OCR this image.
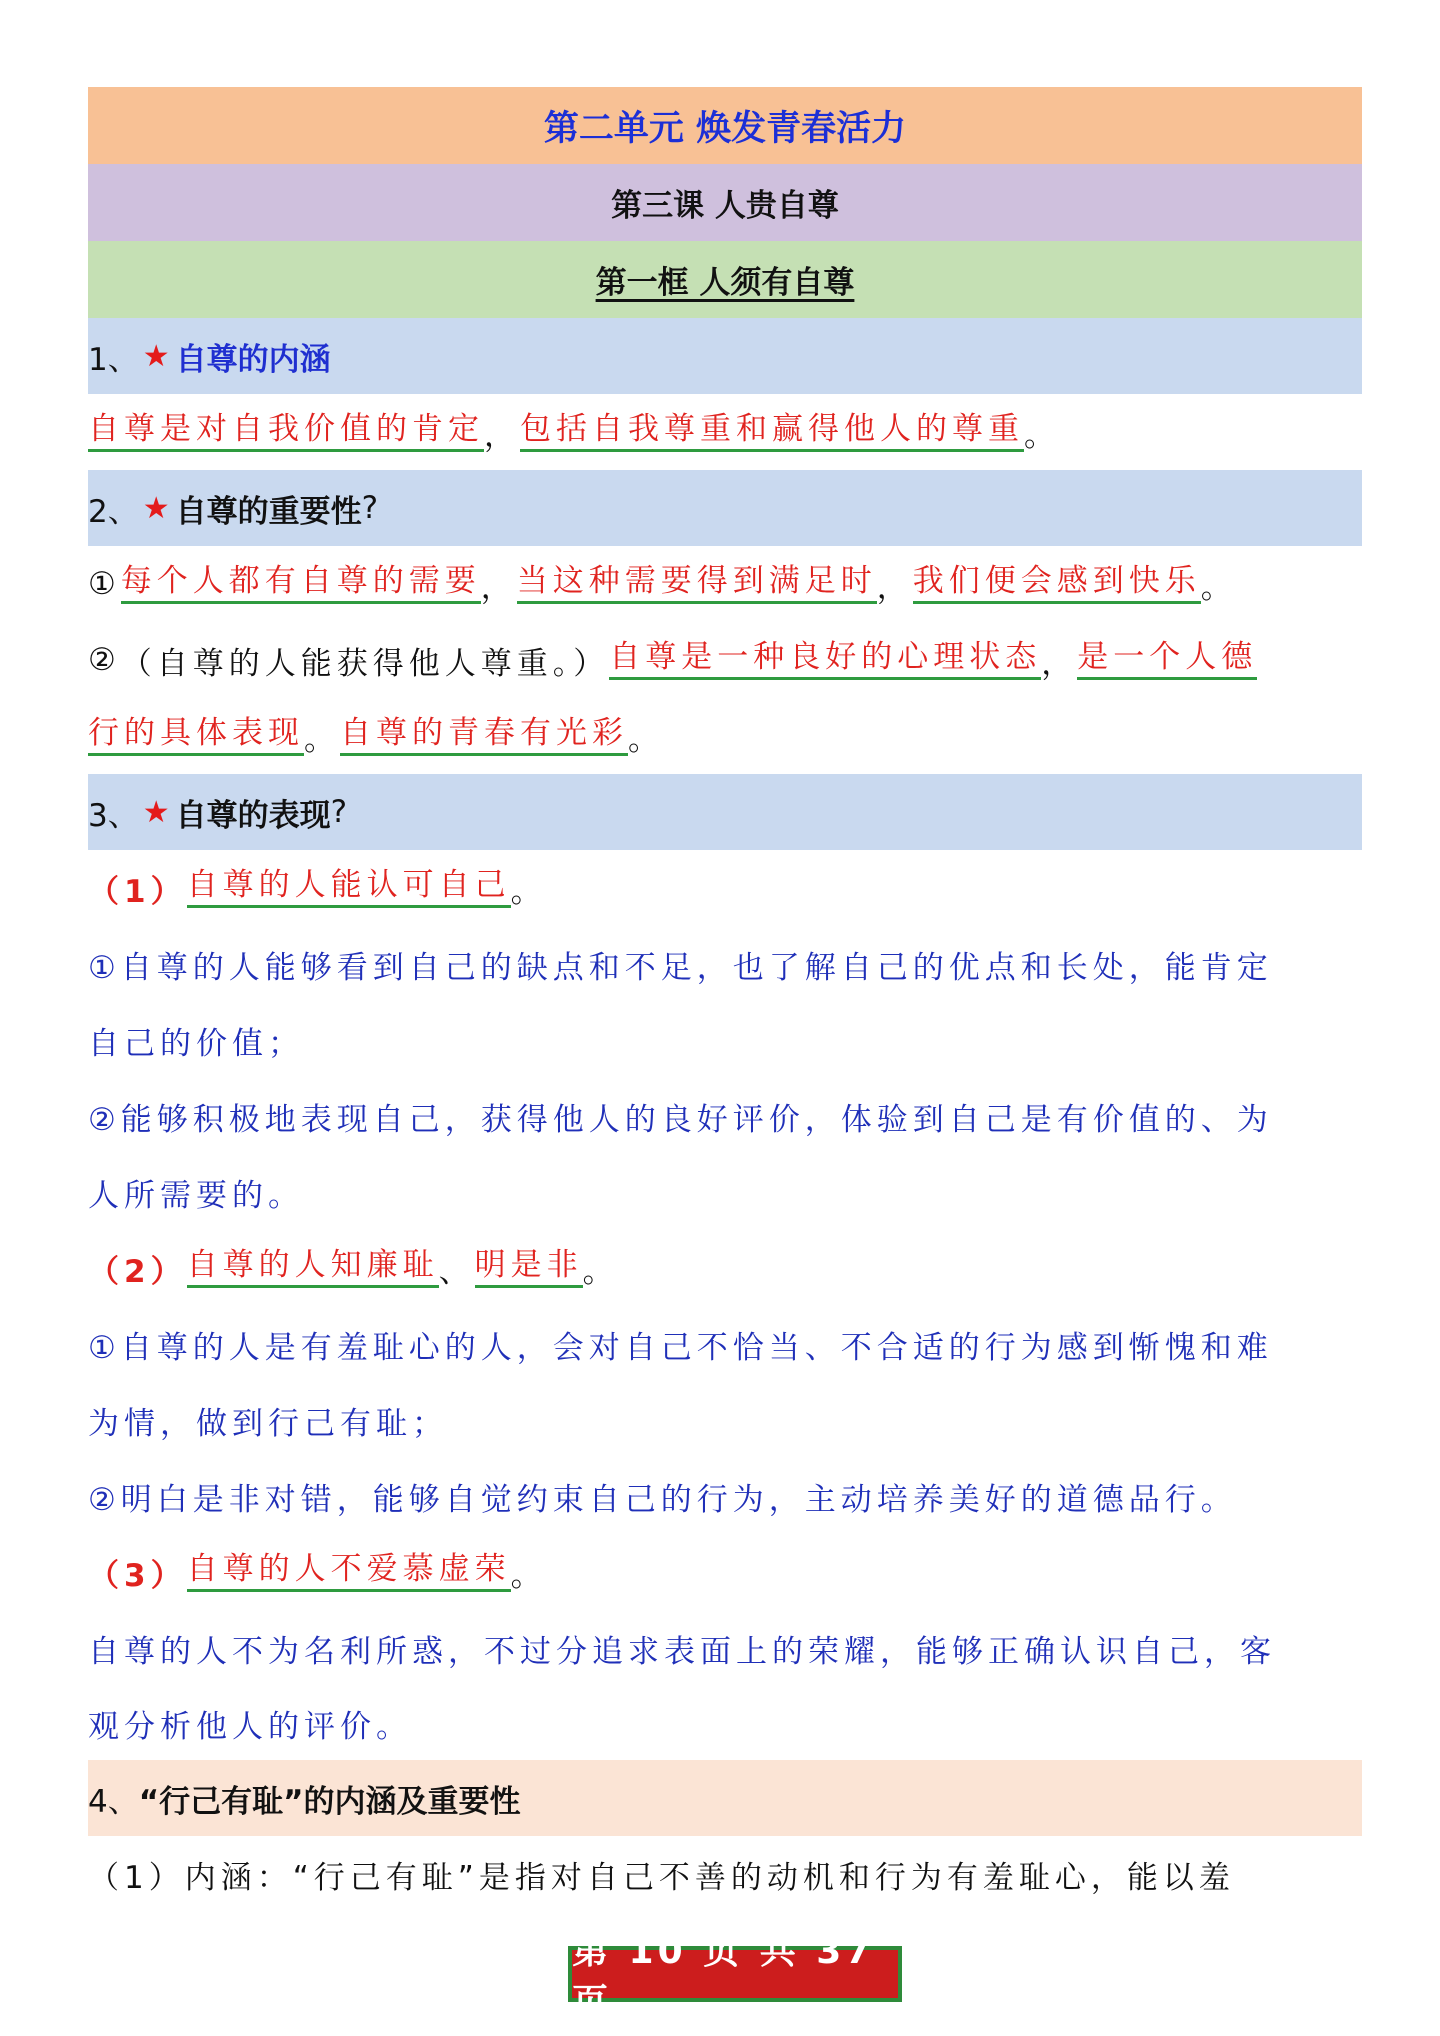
第二单元 焕发青春活力
第三课 人贵自尊
第一框 人须有自尊
1、 ★ 自尊的内涵
自尊是对自我价值的肯定 ， 包括自我尊重和赢得他人的尊重 。
2、 ★ 自尊的重要性 ?
① 每个人都有自尊的需要 ， 当这种需要得到满足时 ， 我们便会感到快乐 。
② （自尊的人能获得他人尊重。） 自尊是一种良好的心理状态 ， 是一个人德
行的具体表现 。 自尊的青春有光彩 。
3、 ★ 自尊的表现 ?
（1） 自尊的人能认可自己 。
①自尊的人能够看到自己的缺点和不足，也了解自己的优点和长处，能肯定
自己的价值；
②能够积极地表现自己，获得他人的良好评价，体验到自己是有价值的、为
人所需要的。
（2） 自尊的人知廉耻 、 明是非 。
①自尊的人是有羞耻心的人，会对自己不恰当、不合适的行为感到惭愧和难
为情，做到行己有耻；
②明白是非对错，能够自觉约束自己的行为，主动培养美好的道德品行。
（3） 自尊的人不爱慕虚荣 。
自尊的人不为名利所惑，不过分追求表面上的荣耀，能够正确认识自己，客
观分析他人的评价。
4、 “行己有耻”的内涵及重要性
（1）内涵：“行己有耻”是指对自己不善的动机和行为有羞耻心，能以羞
第 10 页 共 37 页
